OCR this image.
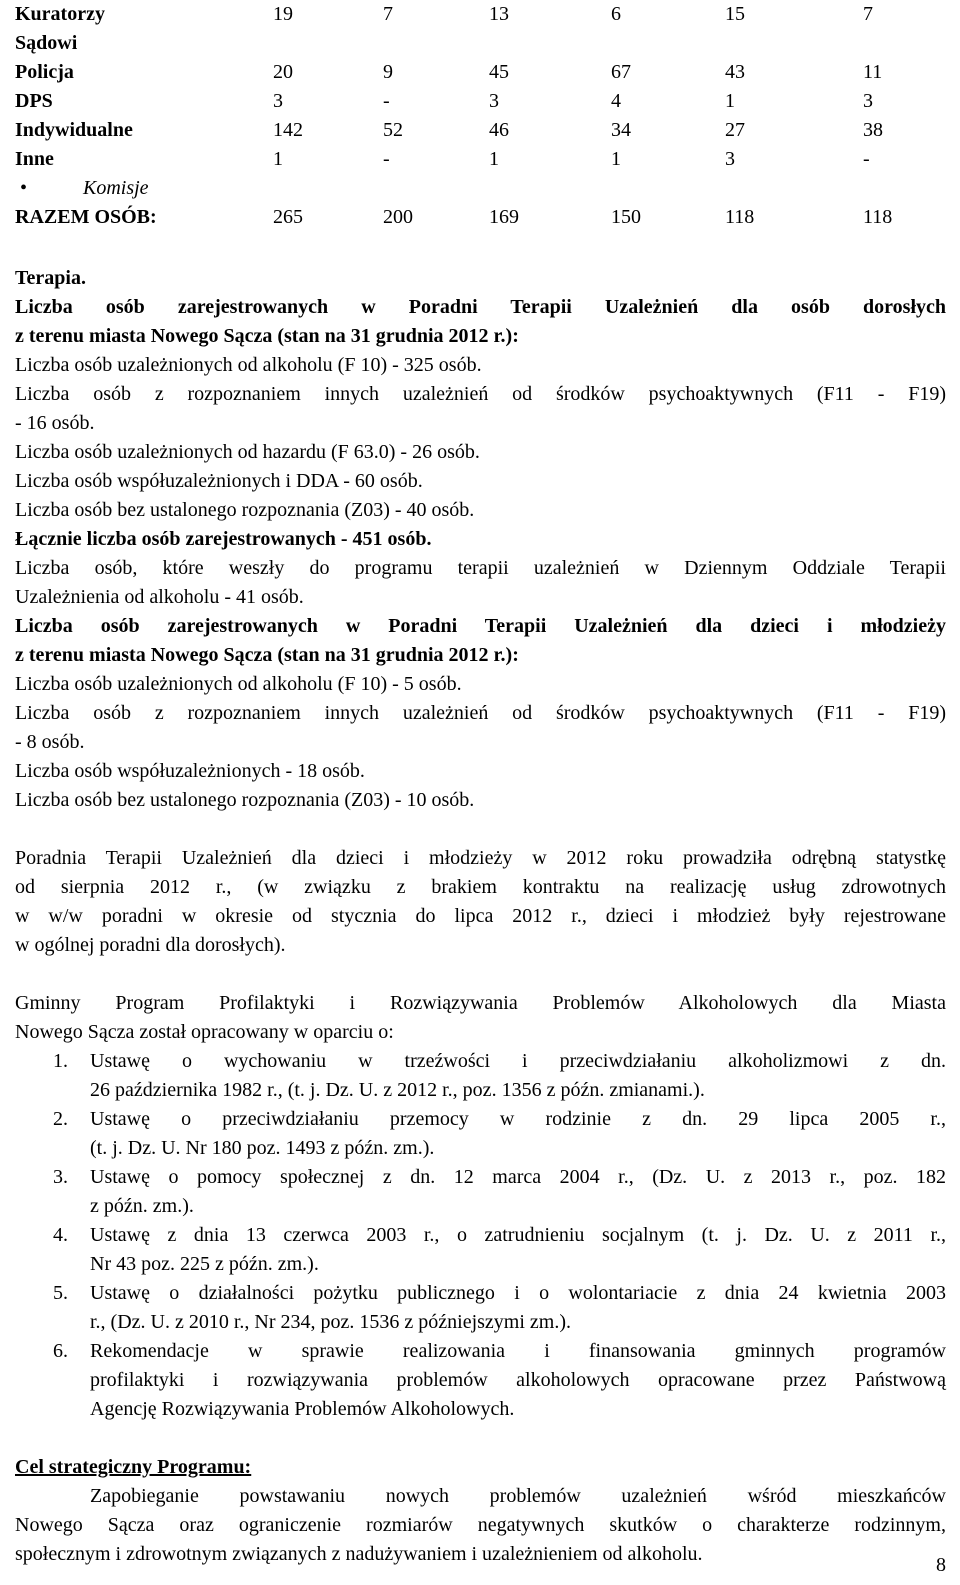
Kuratorzy	19	7	13	6	15	7
Sądowi
Policja	20	9	45	67	43	11
DPS	3	-	3	4	1	3
Indywidualne	142	52	46	34	27	38
Inne	1	-	1	1	3	-
•	Komisje
RAZEM OSÓB:	265	200	169	150	118	118
Terapia.
Liczba osób zarejestrowanych w Poradni Terapii Uzależnień dla osób dorosłych
z terenu miasta Nowego Sącza (stan na 31 grudnia 2012 r.):
Liczba osób uzależnionych od alkoholu (F 10) - 325 osób.
Liczba osób z rozpoznaniem innych uzależnień od środków psychoaktywnych (F11 - F19)
- 16 osób.
Liczba osób uzależnionych od hazardu (F 63.0) - 26 osób.
Liczba osób współuzależnionych i DDA - 60 osób.
Liczba osób bez ustalonego rozpoznania (Z03) - 40 osób.
Łącznie liczba osób zarejestrowanych - 451 osób.
Liczba osób, które weszły do programu terapii uzależnień w Dziennym Oddziale Terapii
Uzależnienia od alkoholu - 41 osób.
Liczba osób zarejestrowanych w Poradni Terapii Uzależnień dla dzieci i młodzieży
z terenu miasta Nowego Sącza (stan na 31 grudnia 2012 r.):
Liczba osób uzależnionych od alkoholu (F 10) - 5 osób.
Liczba osób z rozpoznaniem innych uzależnień od środków psychoaktywnych (F11 - F19)
- 8 osób.
Liczba osób współuzależnionych - 18 osób.
Liczba osób bez ustalonego rozpoznania (Z03) - 10 osób.
Poradnia Terapii Uzależnień dla dzieci i młodzieży w 2012 roku prowadziła odrębną statystkę
od sierpnia 2012 r., (w związku z brakiem kontraktu na realizację usług zdrowotnych
w w/w poradni w okresie od stycznia do lipca 2012 r., dzieci i młodzież były rejestrowane
w ogólnej poradni dla dorosłych).
Gminny Program Profilaktyki i Rozwiązywania Problemów Alkoholowych dla Miasta
Nowego Sącza został opracowany w oparciu o:
1. Ustawę o wychowaniu w trzeźwości i przeciwdziałaniu alkoholizmowi z dn.
26 października 1982 r., (t. j. Dz. U. z 2012 r., poz. 1356 z późn. zmianami.).
2. Ustawę o przeciwdziałaniu przemocy w rodzinie z dn. 29 lipca 2005 r.,
(t. j. Dz. U. Nr 180 poz. 1493 z późn. zm.).
3. Ustawę o pomocy społecznej z dn. 12 marca 2004 r., (Dz. U. z 2013 r., poz. 182
z późn. zm.).
4. Ustawę z dnia 13 czerwca 2003 r., o zatrudnieniu socjalnym (t. j. Dz. U. z 2011 r.,
Nr 43 poz. 225 z późn. zm.).
5. Ustawę o działalności pożytku publicznego i o wolontariacie z dnia 24 kwietnia 2003
r., (Dz. U. z 2010 r., Nr 234, poz. 1536 z późniejszymi zm.).
6. Rekomendacje w sprawie realizowania i finansowania gminnych programów
profilaktyki i rozwiązywania problemów alkoholowych opracowane przez Państwową
Agencję Rozwiązywania Problemów Alkoholowych.
Cel strategiczny Programu:
Zapobieganie powstawaniu nowych problemów uzależnień wśród mieszkańców
Nowego Sącza oraz ograniczenie rozmiarów negatywnych skutków o charakterze rodzinnym,
społecznym i zdrowotnym związanych z nadużywaniem i uzależnieniem od alkoholu.	8
